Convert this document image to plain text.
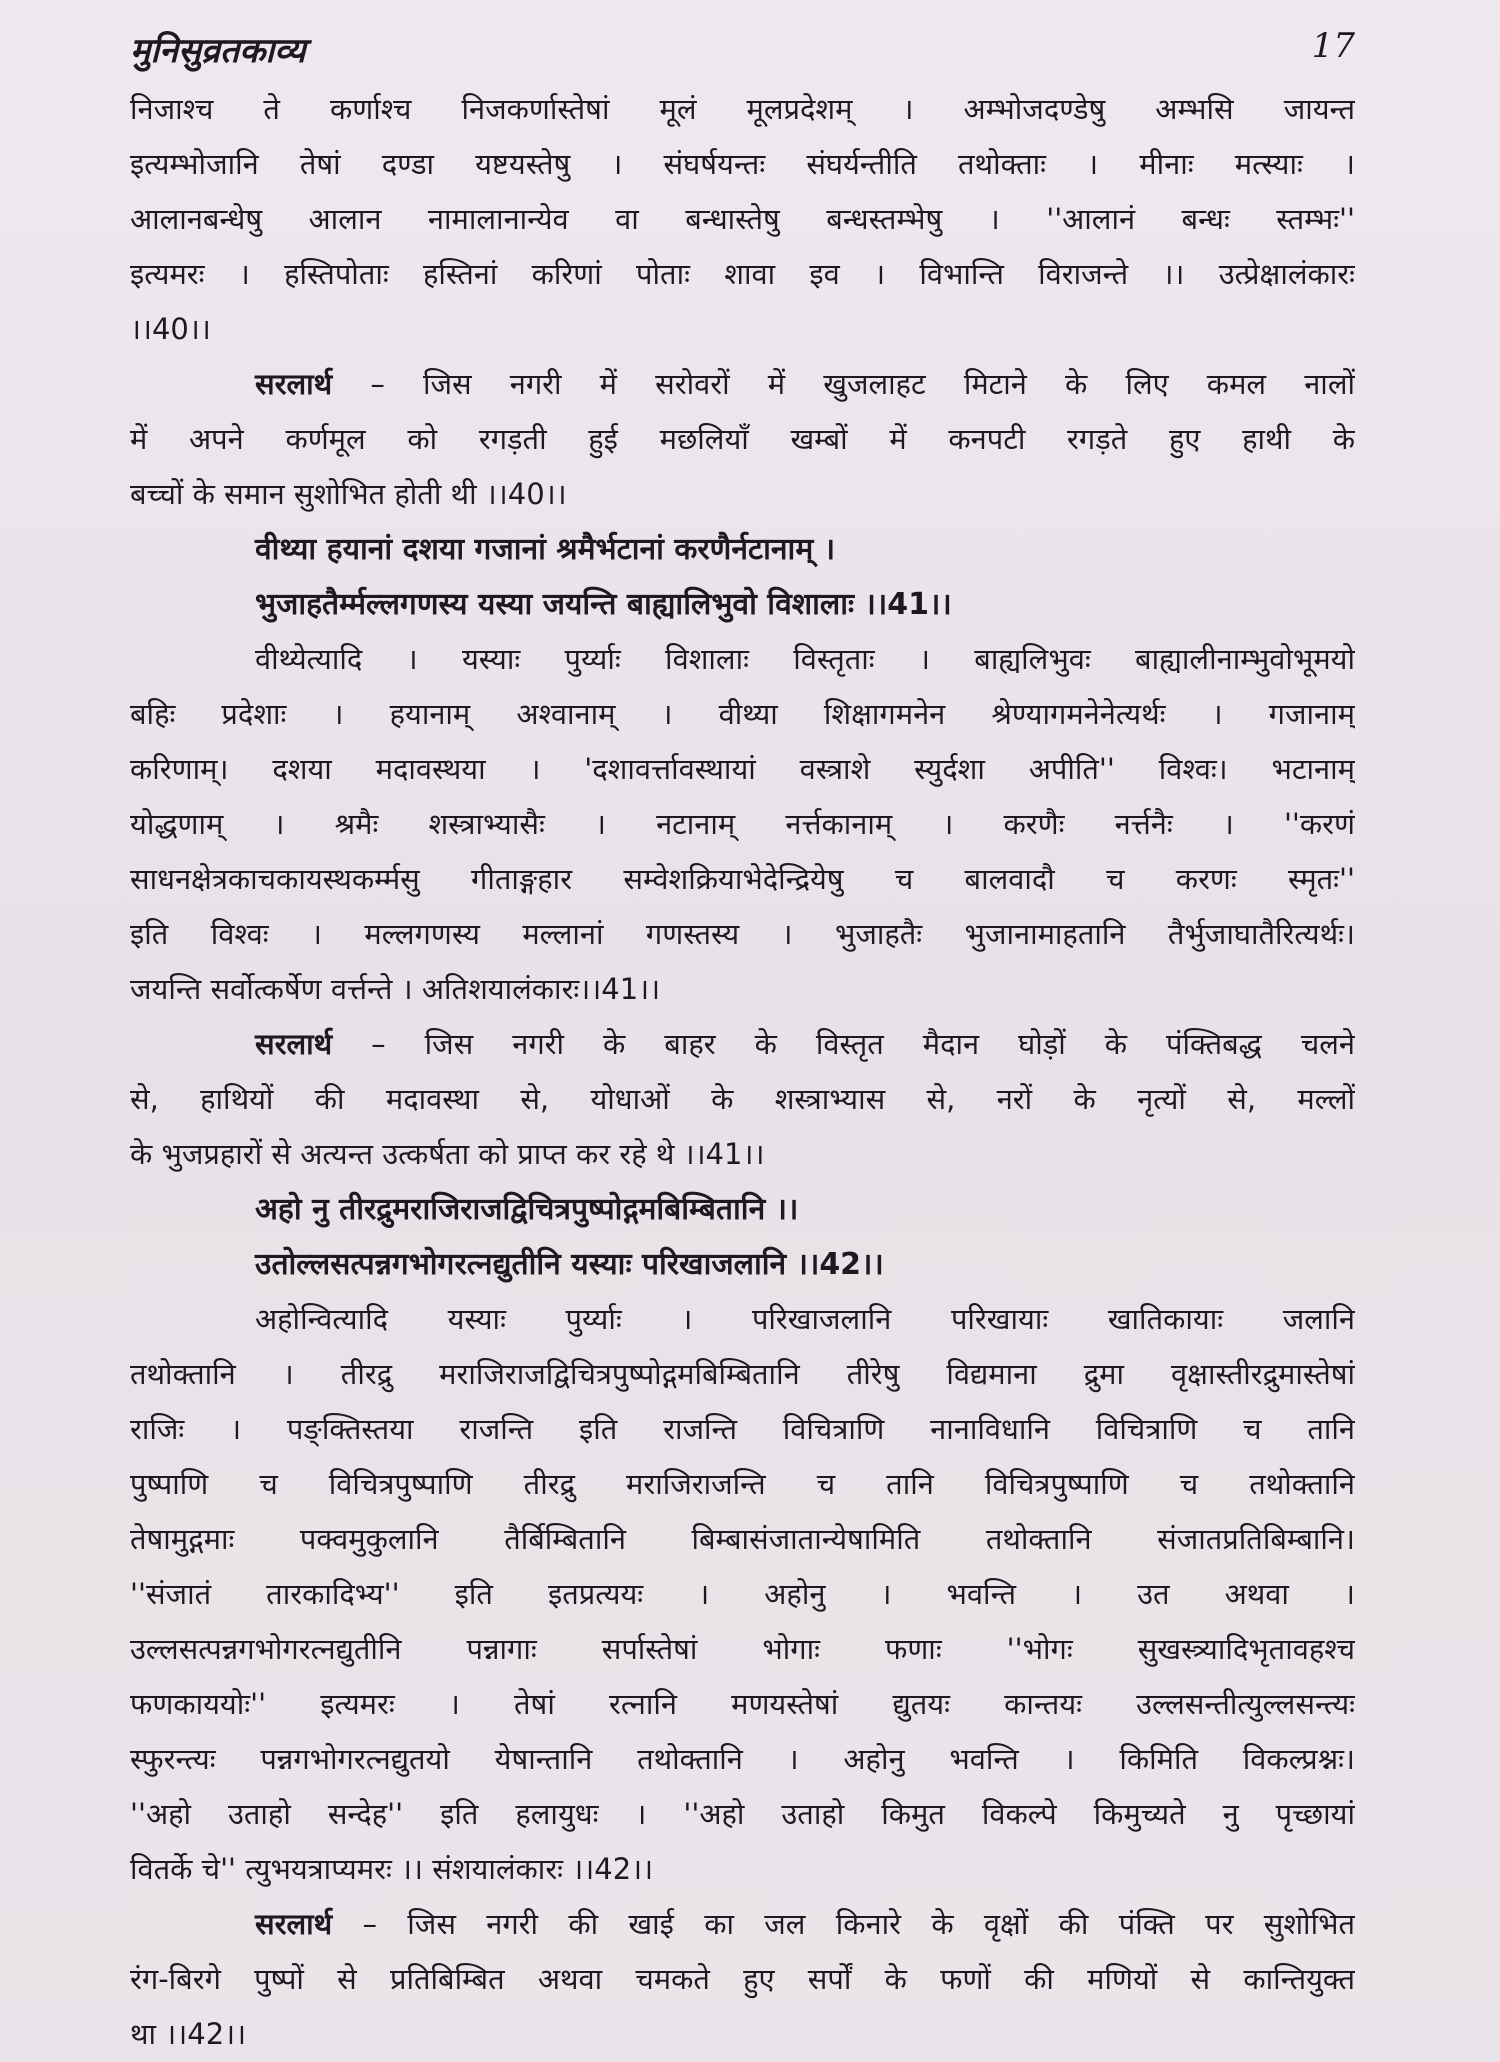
मुनिसुव्रतकाव्य	17
निजाश्च ते कर्णाश्च निजकर्णास्तेषां मूलं मूलप्रदेशम् । अम्भोजदण्डेषु अम्भसि जायन्त
इत्यम्भोजानि तेषां दण्डा यष्टयस्तेषु । संघर्षयन्तः संघर्यन्तीति तथोक्ताः । मीनाः मत्स्याः ।
आलानबन्धेषु आलान नामालानान्येव वा बन्धास्तेषु बन्धस्तम्भेषु । ''आलानं बन्धः स्तम्भः''
इत्यमरः । हस्तिपोताः हस्तिनां करिणां पोताः शावा इव । विभान्ति विराजन्ते ।। उत्प्रेक्षालंकारः
।।40।।
सरलार्थ – जिस नगरी में सरोवरों में खुजलाहट मिटाने के लिए कमल नालों
में अपने कर्णमूल को रगड़ती हुई मछलियाँ खम्बों में कनपटी रगड़ते हुए हाथी के
बच्चों के समान सुशोभित होती थी ।।40।।
वीथ्या हयानां दशया गजानां श्रमैर्भटानां करणैर्नटानाम् ।
भुजाहतैर्म्मल्लगणस्य यस्या जयन्ति बाह्यालिभुवो विशालाः ।।41।।
वीथ्येत्यादि । यस्याः पुर्य्याः विशालाः विस्तृताः । बाह्यलिभुवः बाह्यालीनाम्भुवोभूमयो
बहिः प्रदेशाः । हयानाम् अश्वानाम् । वीथ्या शिक्षागमनेन श्रेण्यागमनेनेत्यर्थः । गजानाम्
करिणाम्। दशया मदावस्थया । 'दशावर्त्तावस्थायां वस्त्राशे स्युर्दशा अपीति'' विश्वः। भटानाम्
योद्धणाम् । श्रमैः शस्त्राभ्यासैः । नटानाम् नर्त्तकानाम् । करणैः नर्त्तनैः । ''करणं
साधनक्षेत्रकाचकायस्थकर्म्मसु गीताङ्गहार सम्वेशक्रियाभेदेन्द्रियेषु च बालवादौ च करणः स्मृतः''
इति विश्वः । मल्लगणस्य मल्लानां गणस्तस्य । भुजाहतैः भुजानामाहतानि तैर्भुजाघातैरित्यर्थः।
जयन्ति सर्वोत्कर्षेण वर्त्तन्ते । अतिशयालंकारः।।41।।
सरलार्थ – जिस नगरी के बाहर के विस्तृत मैदान घोड़ों के पंक्तिबद्ध चलने
से, हाथियों की मदावस्था से, योधाओं के शस्त्राभ्यास से, नरों के नृत्यों से, मल्लों
के भुजप्रहारों से अत्यन्त उत्कर्षता को प्राप्त कर रहे थे ।।41।।
अहो नु तीरद्रुमराजिराजद्विचित्रपुष्पोद्गमबिम्बितानि ।।
उतोल्लसत्पन्नगभोगरत्नद्युतीनि यस्याः परिखाजलानि ।।42।।
अहोन्वित्यादि यस्याः पुर्य्याः । परिखाजलानि परिखायाः खातिकायाः जलानि
तथोक्तानि । तीरद्रु मराजिराजद्विचित्रपुष्पोद्गमबिम्बितानि तीरेषु विद्यमाना द्रुमा वृक्षास्तीरद्रुमास्तेषां
राजिः । पङ्क्तिस्तया राजन्ति इति राजन्ति विचित्राणि नानाविधानि विचित्राणि च तानि
पुष्पाणि च विचित्रपुष्पाणि तीरद्रु मराजिराजन्ति च तानि विचित्रपुष्पाणि च तथोक्तानि
तेषामुद्गमाः पक्वमुकुलानि तैर्बिम्बितानि बिम्बासंजातान्येषामिति तथोक्तानि संजातप्रतिबिम्बानि।
''संजातं तारकादिभ्य'' इति इतप्रत्ययः । अहोनु । भवन्ति । उत अथवा ।
उल्लसत्पन्नगभोगरत्नद्युतीनि पन्नागाः सर्पास्तेषां भोगाः फणाः ''भोगः सुखस्त्र्यादिभृतावहश्च
फणकाययोः'' इत्यमरः । तेषां रत्नानि मणयस्तेषां द्युतयः कान्तयः उल्लसन्तीत्युल्लसन्त्यः
स्फुरन्त्यः पन्नगभोगरत्नद्युतयो येषान्तानि तथोक्तानि । अहोनु भवन्ति । किमिति विकल्प्रश्नः।
''अहो उताहो सन्देह'' इति हलायुधः । ''अहो उताहो किमुत विकल्पे किमुच्यते नु पृच्छायां
वितर्के चे'' त्युभयत्राप्यमरः ।। संशयालंकारः ।।42।।
सरलार्थ – जिस नगरी की खाई का जल किनारे के वृक्षों की पंक्ति पर सुशोभित
रंग-बिरगे पुष्पों से प्रतिबिम्बित अथवा चमकते हुए सर्पों के फणों की मणियों से कान्तियुक्त
था ।।42।।
